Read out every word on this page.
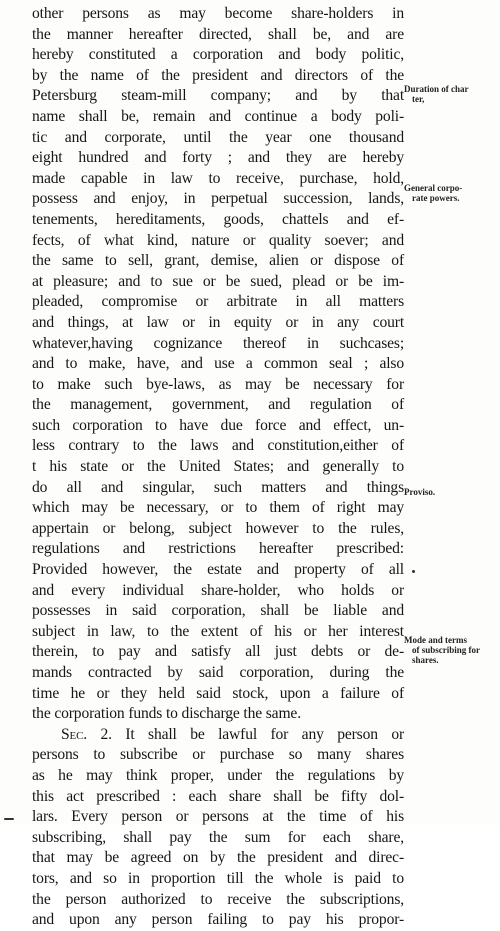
other persons as may become share-holders in
the manner hereafter directed, shall be, and are
hereby constituted a corporation and body politic,
by the name of the president and directors of the
Petersburg steam-mill company; and by that
name shall be, remain and continue a body poli-
tic and corporate, until the year one thousand
eight hundred and forty ; and they are hereby
made capable in law to receive, purchase, hold,
possess and enjoy, in perpetual succession, lands,
tenements, hereditaments, goods, chattels and ef-
fects, of what kind, nature or quality soever; and
the same to sell, grant, demise, alien or dispose of
at pleasure; and to sue or be sued, plead or be im-
pleaded, compromise or arbitrate in all matters
and things, at law or in equity or in any court
whatever,having cognizance thereof in suchcases;
and to make, have, and use a common seal ; also
to make such bye-laws, as may be necessary for
the management, government, and regulation of
such corporation to have due force and effect, un-
less contrary to the laws and constitution,either of
t his state or the United States; and generally to
do all and singular, such matters and things
which may be necessary, or to them of right may
appertain or belong, subject however to the rules,
regulations and restrictions hereafter prescribed:
Provided however, the estate and property of all
and every individual share-holder, who holds or
possesses in said corporation, shall be liable and
subject in law, to the extent of his or her interest
therein, to pay and satisfy all just debts or de-
mands contracted by said corporation, during the
time he or they held said stock, upon a failure of
the corporation funds to discharge the same.
Sec. 2. It shall be lawful for any person or
persons to subscribe or purchase so many shares
as he may think proper, under the regulations by
this act prescribed : each share shall be fifty dol-
lars. Every person or persons at the time of his
subscribing, shall pay the sum for each share,
that may be agreed on by the president and direc-
tors, and so in proportion till the whole is paid to
the person authorized to receive the subscriptions,
and upon any person failing to pay his propor-
Duration of char
ter,
General corpo-
rate powers.
Proviso.
Mode and terms
of subscribing for
shares.
